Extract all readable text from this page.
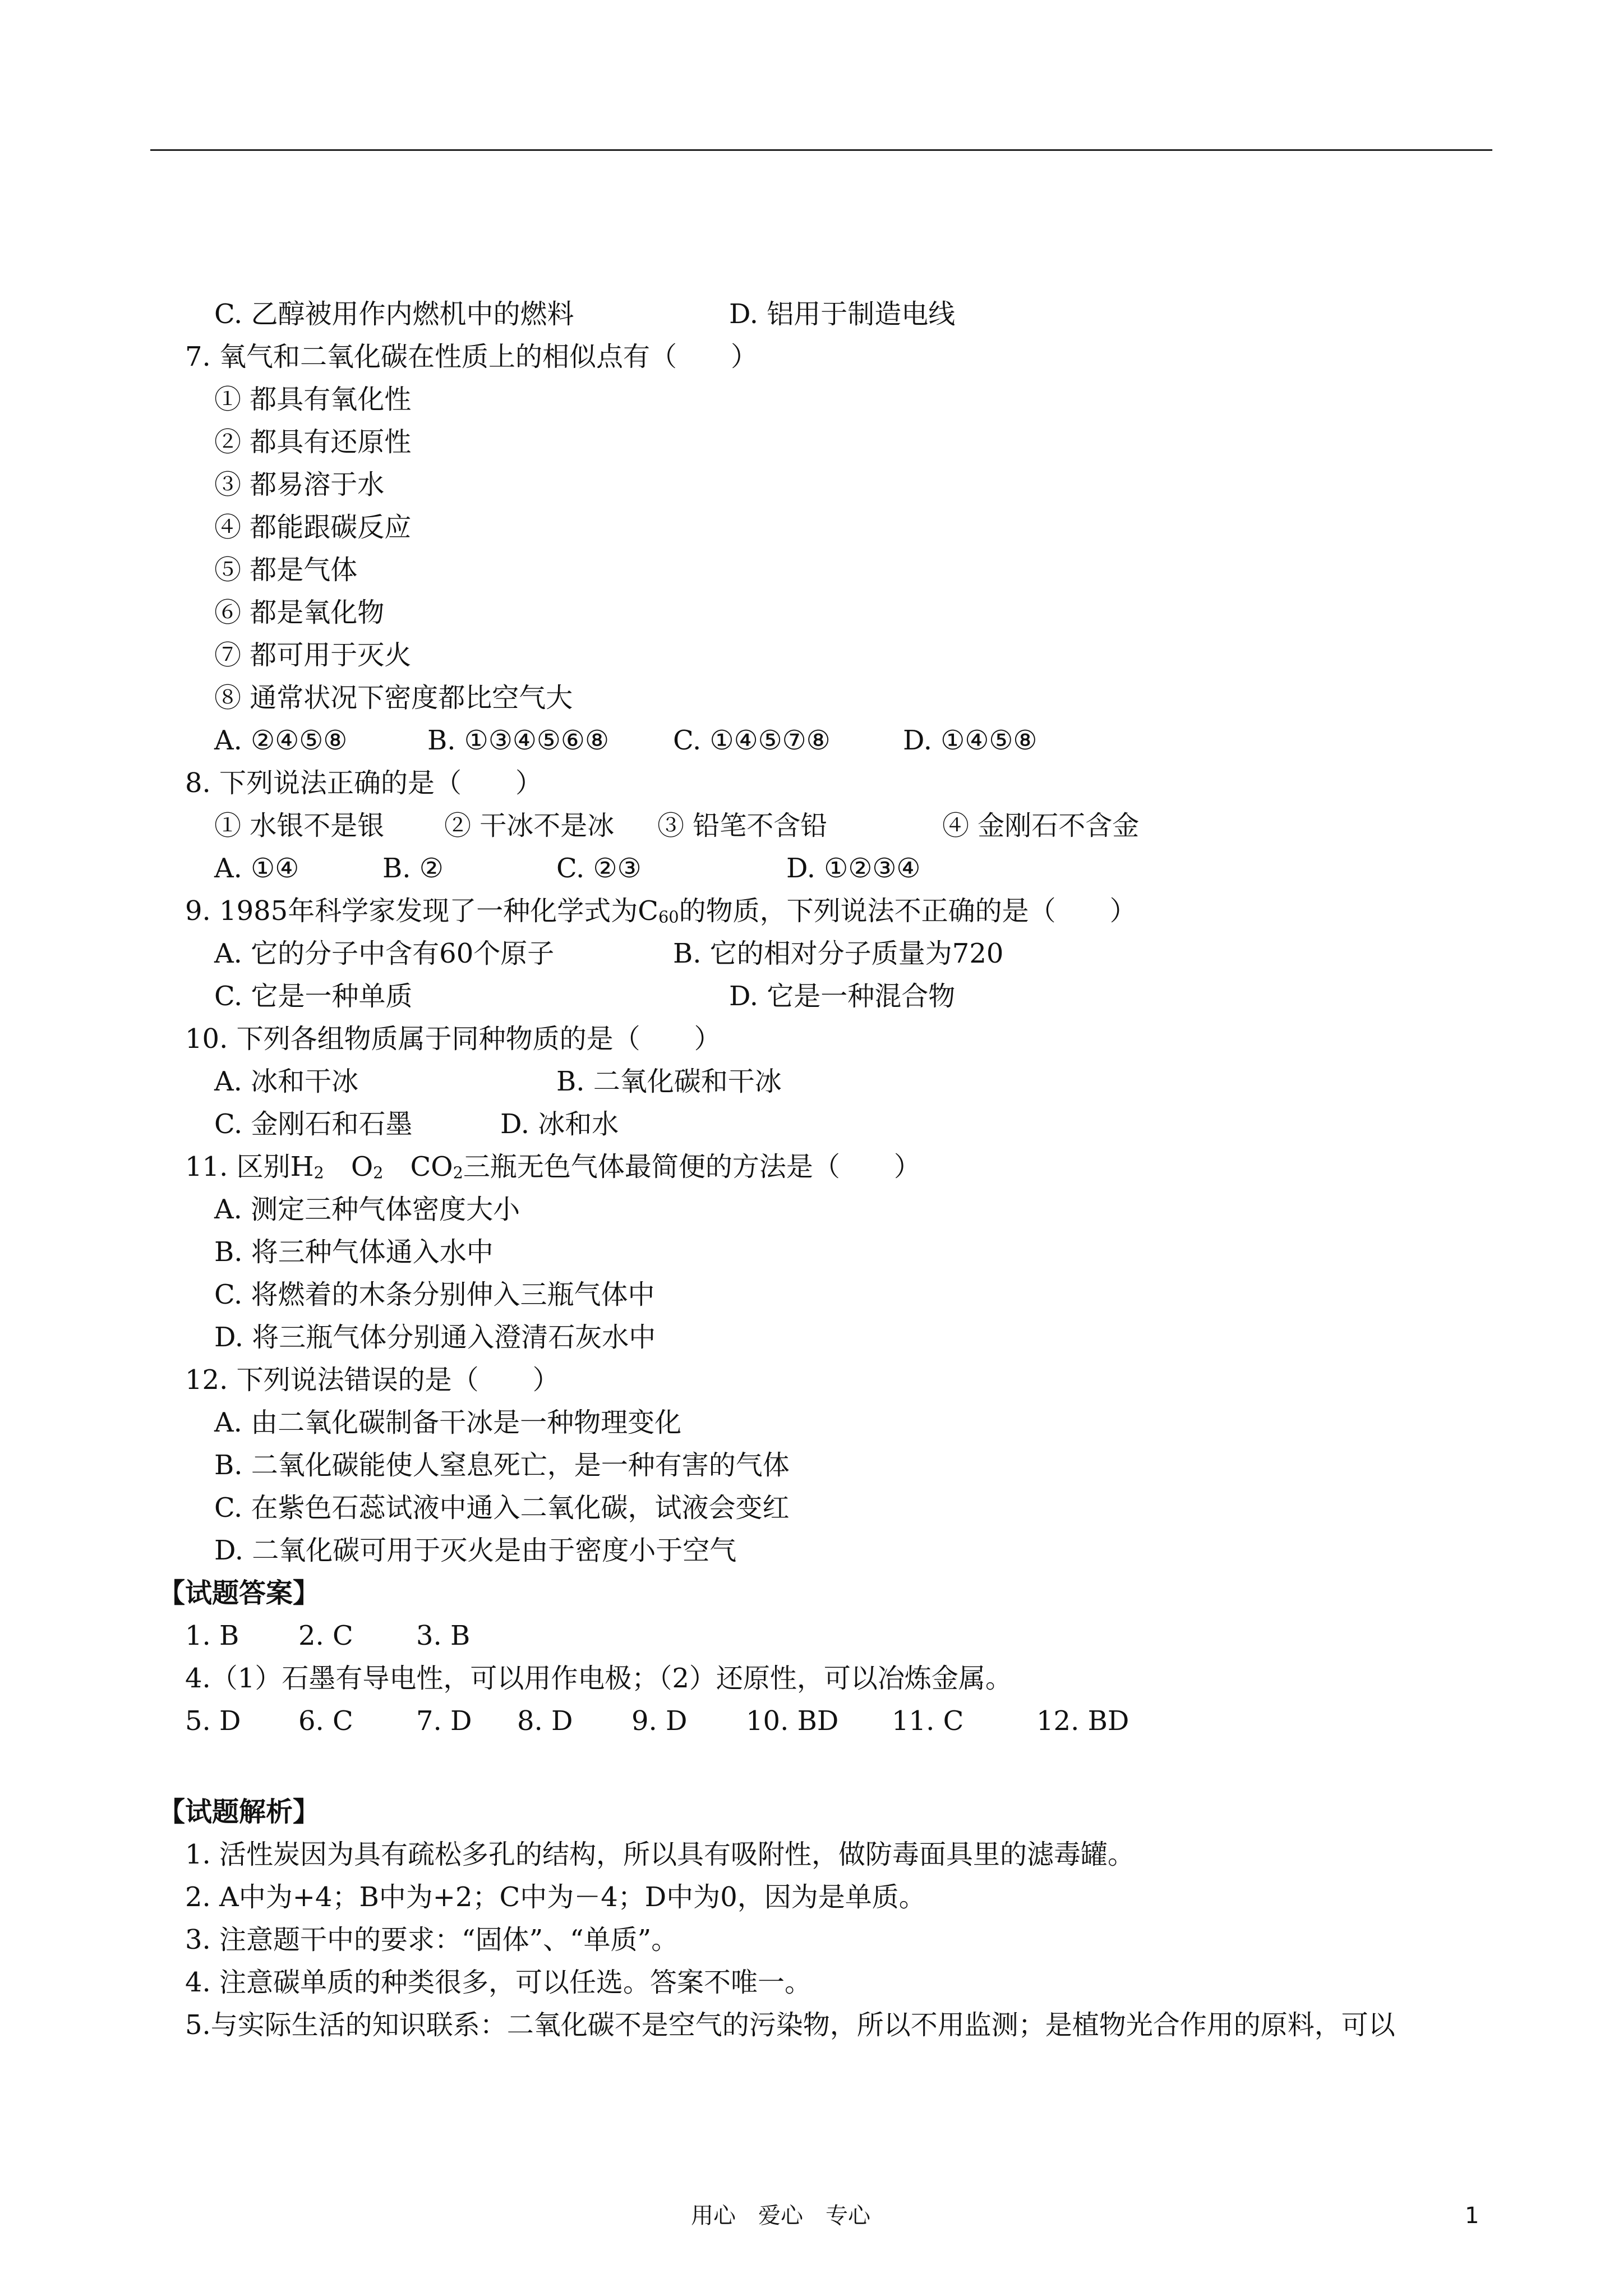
C. 乙醇被用作内燃机中的燃料	D. 铝用于制造电线
7. 氧气和二氧化碳在性质上的相似点有（　　）
① 都具有氧化性
② 都具有还原性
③ 都易溶于水
④ 都能跟碳反应
⑤ 都是气体
⑥ 都是氧化物
⑦ 都可用于灭火
⑧ 通常状况下密度都比空气大
A. ②④⑤⑧	B. ①③④⑤⑥⑧ C. ①④⑤⑦⑧	D. ①④⑤⑧
8. 下列说法正确的是（　　）
① 水银不是银 ② 干冰不是冰 ③ 铅笔不含铅	④ 金刚石不含金
A. ①④	B. ②	C. ②③	D. ①②③④
9. 1985年科学家发现了一种化学式为$C_{60}$的物质，下列说法不正确的是（　　）
A. 它的分子中含有60个原子	B. 它的相对分子质量为720
C. 它是一种单质	D. 它是一种混合物
10. 下列各组物质属于同种物质的是（　　）
A. 冰和干冰	B. 二氧化碳和干冰
C. 金刚石和石墨	D. 冰和水
11. 区别$H_2$　 $O_2$　 $CO_2$三瓶无色气体最简便的方法是（　　）
A. 测定三种气体密度大小
B. 将三种气体通入水中
C. 将燃着的木条分别伸入三瓶气体中
D. 将三瓶气体分别通入澄清石灰水中
12. 下列说法错误的是（　　）
A. 由二氧化碳制备干冰是一种物理变化
B. 二氧化碳能使人窒息死亡，是一种有害的气体
C. 在紫色石蕊试液中通入二氧化碳，试液会变红
D. 二氧化碳可用于灭火是由于密度小于空气
【试题答案】
1. B 2. C 3. B
4.（1）石墨有导电性，可以用作电极；（2）还原性，可以冶炼金属。
5. D 6. C 7. D 8. D 9. D 10. BD 11. C	12. BD
【试题解析】
1. 活性炭因为具有疏松多孔的结构，所以具有吸附性，做防毒面具里的滤毒罐。
2. A中为+4；B中为+2；C中为－4；D中为0，因为是单质。
3. 注意题干中的要求：“固体”、“单质”。
4. 注意碳单质的种类很多，可以任选。答案不唯一。
5.与实际生活的知识联系：二氧化碳不是空气的污染物，所以不用监测；是植物光合作用的原料，可以
用心　爱心　专心	1
